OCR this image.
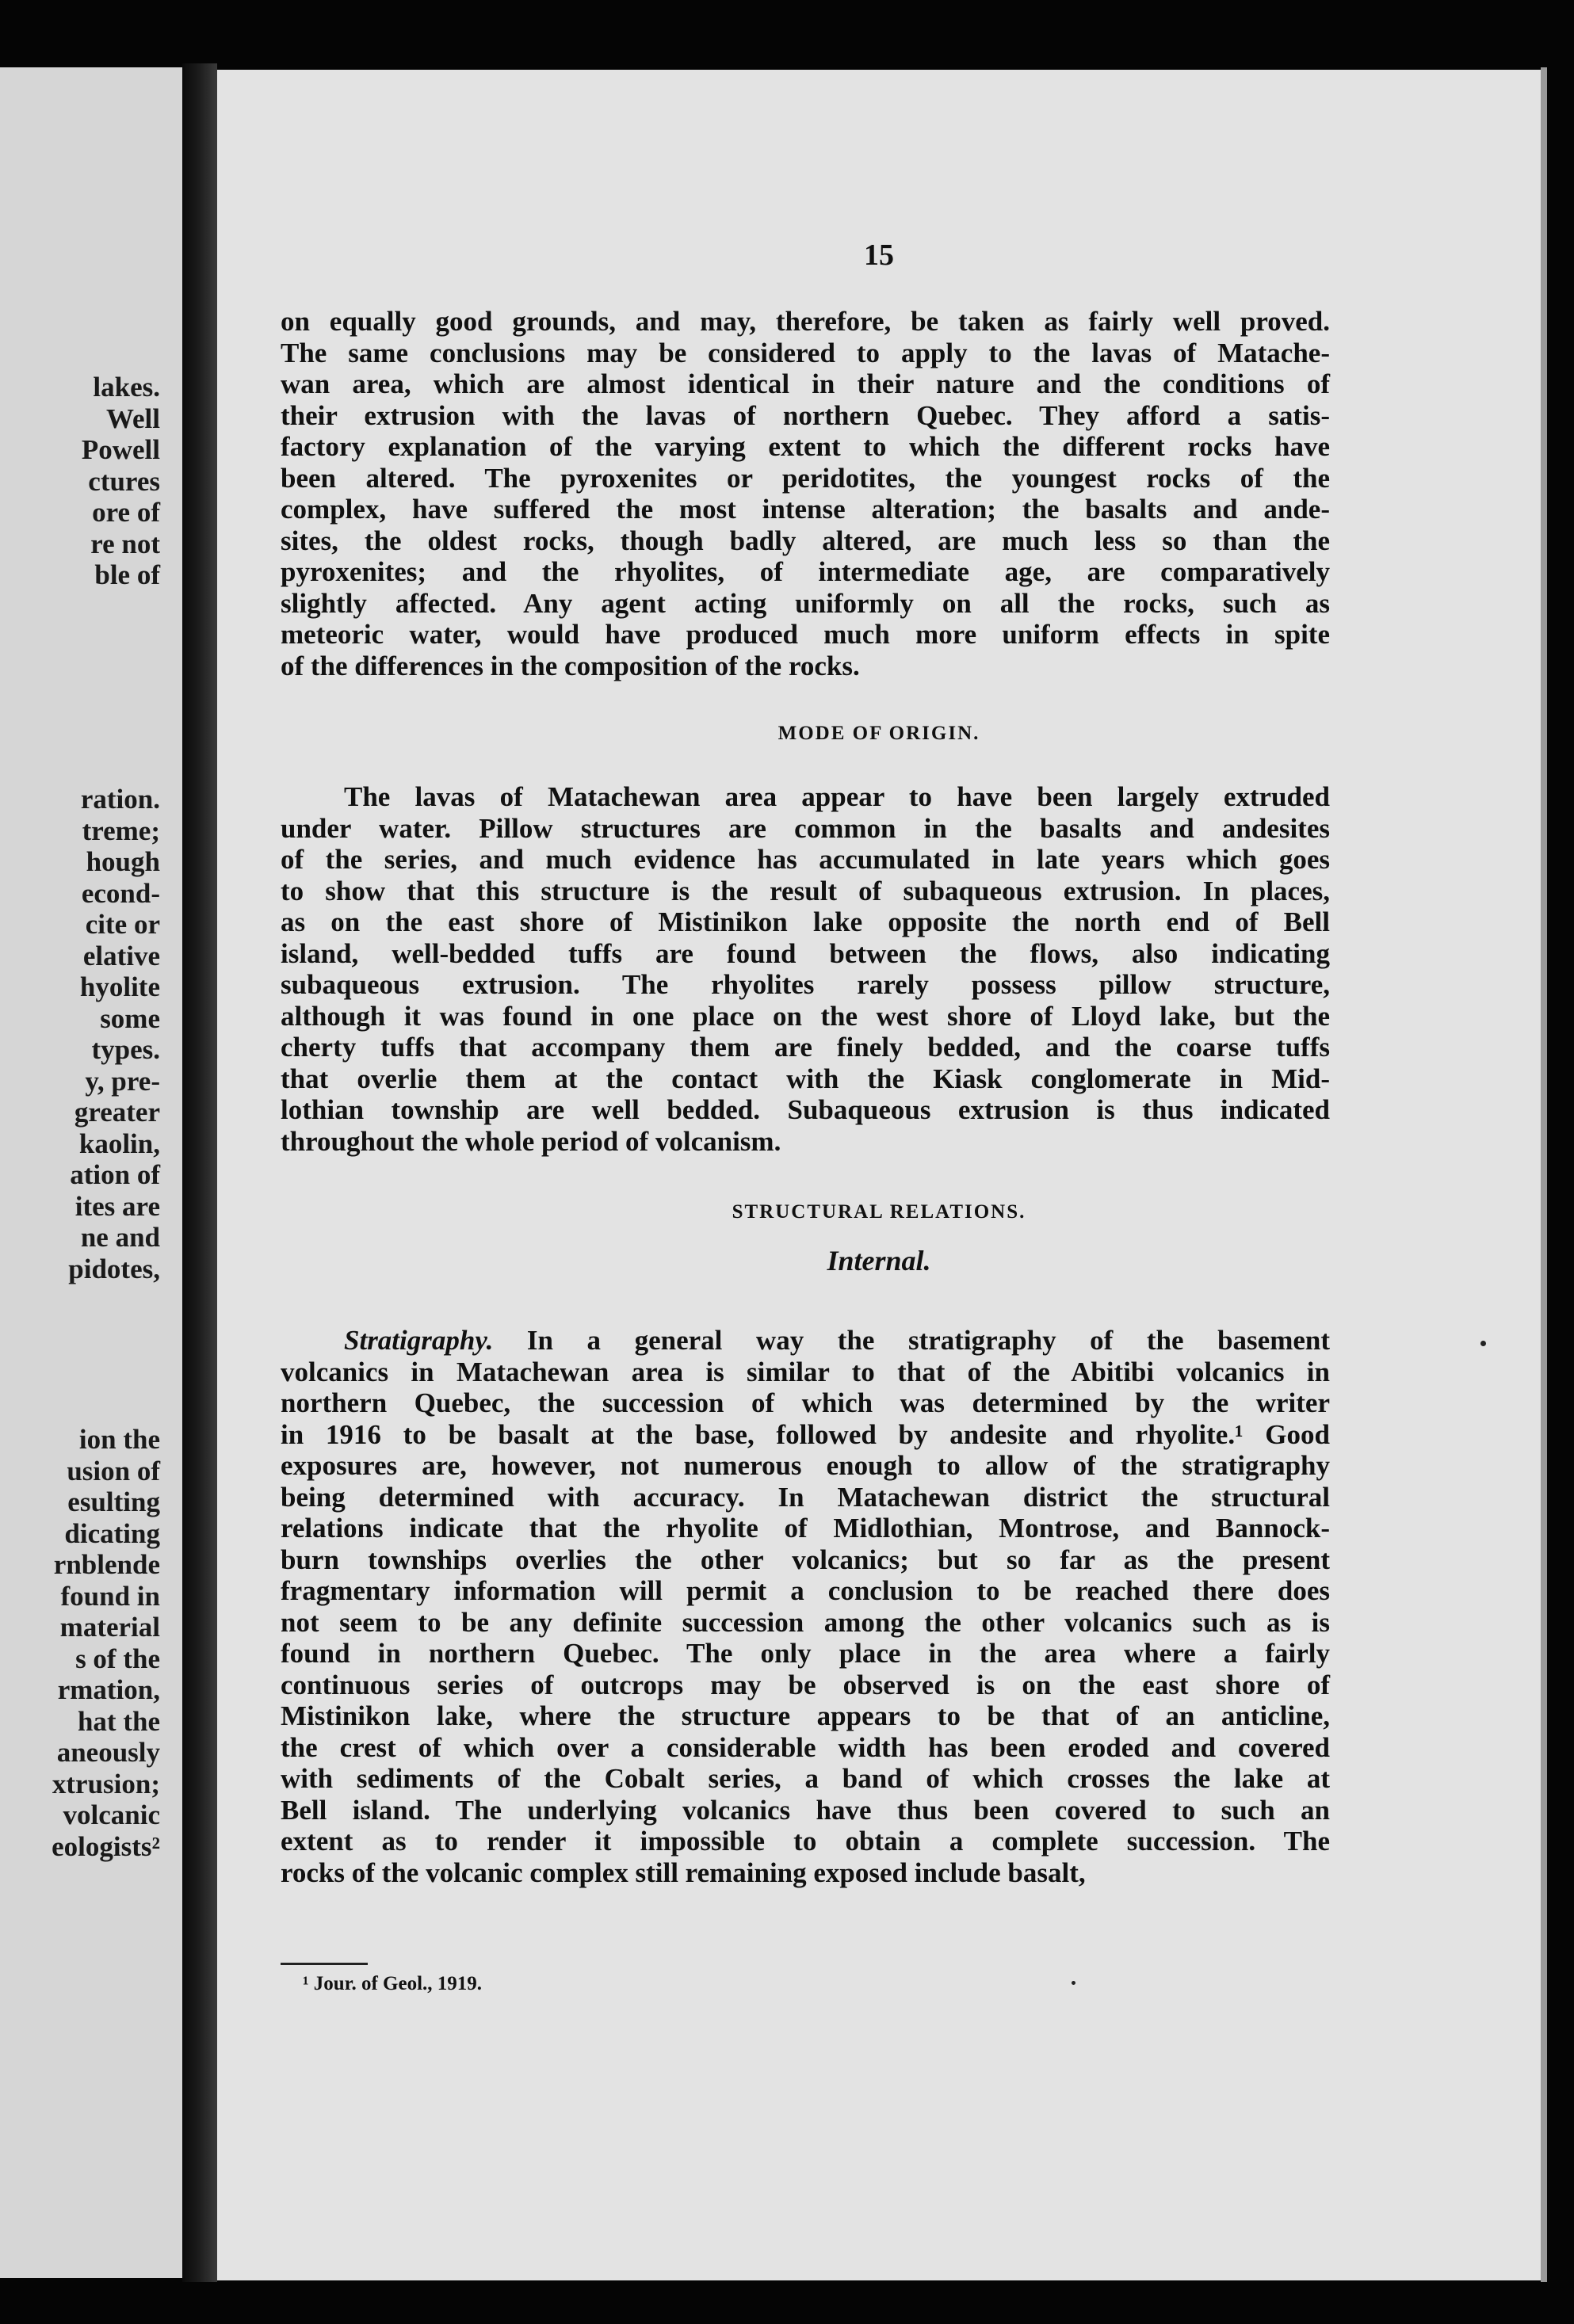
lakes.
Well
Powell
ctures
ore of
re not
ble of
ration.
treme;
hough
econd-
cite or
elative
hyolite
some
types.
y, pre-
greater
kaolin,
ation of
ites are
ne and
pidotes,
ion the
usion of
esulting
dicating
rnblende
found in
material
s of the
rmation,
hat the
aneously
xtrusion;
volcanic
eologists²
15
on equally good grounds, and may, therefore, be taken as fairly well proved.
The same conclusions may be considered to apply to the lavas of Matache-
wan area, which are almost identical in their nature and the conditions of
their extrusion with the lavas of northern Quebec. They afford a satis-
factory explanation of the varying extent to which the different rocks have
been altered. The pyroxenites or peridotites, the youngest rocks of the
complex, have suffered the most intense alteration; the basalts and ande-
sites, the oldest rocks, though badly altered, are much less so than the
pyroxenites; and the rhyolites, of intermediate age, are comparatively
slightly affected. Any agent acting uniformly on all the rocks, such as
meteoric water, would have produced much more uniform effects in spite
of the differences in the composition of the rocks.
MODE OF ORIGIN.
The lavas of Matachewan area appear to have been largely extruded
under water. Pillow structures are common in the basalts and andesites
of the series, and much evidence has accumulated in late years which goes
to show that this structure is the result of subaqueous extrusion. In places,
as on the east shore of Mistinikon lake opposite the north end of Bell
island, well-bedded tuffs are found between the flows, also indicating
subaqueous extrusion. The rhyolites rarely possess pillow structure,
although it was found in one place on the west shore of Lloyd lake, but the
cherty tuffs that accompany them are finely bedded, and the coarse tuffs
that overlie them at the contact with the Kiask conglomerate in Mid-
lothian township are well bedded. Subaqueous extrusion is thus indicated
throughout the whole period of volcanism.
STRUCTURAL RELATIONS.
Internal.
Stratigraphy. In a general way the stratigraphy of the basement
volcanics in Matachewan area is similar to that of the Abitibi volcanics in
northern Quebec, the succession of which was determined by the writer
in 1916 to be basalt at the base, followed by andesite and rhyolite.¹ Good
exposures are, however, not numerous enough to allow of the stratigraphy
being determined with accuracy. In Matachewan district the structural
relations indicate that the rhyolite of Midlothian, Montrose, and Bannock-
burn townships overlies the other volcanics; but so far as the present
fragmentary information will permit a conclusion to be reached there does
not seem to be any definite succession among the other volcanics such as is
found in northern Quebec. The only place in the area where a fairly
continuous series of outcrops may be observed is on the east shore of
Mistinikon lake, where the structure appears to be that of an anticline,
the crest of which over a considerable width has been eroded and covered
with sediments of the Cobalt series, a band of which crosses the lake at
Bell island. The underlying volcanics have thus been covered to such an
extent as to render it impossible to obtain a complete succession. The
rocks of the volcanic complex still remaining exposed include basalt,
¹ Jour. of Geol., 1919.
